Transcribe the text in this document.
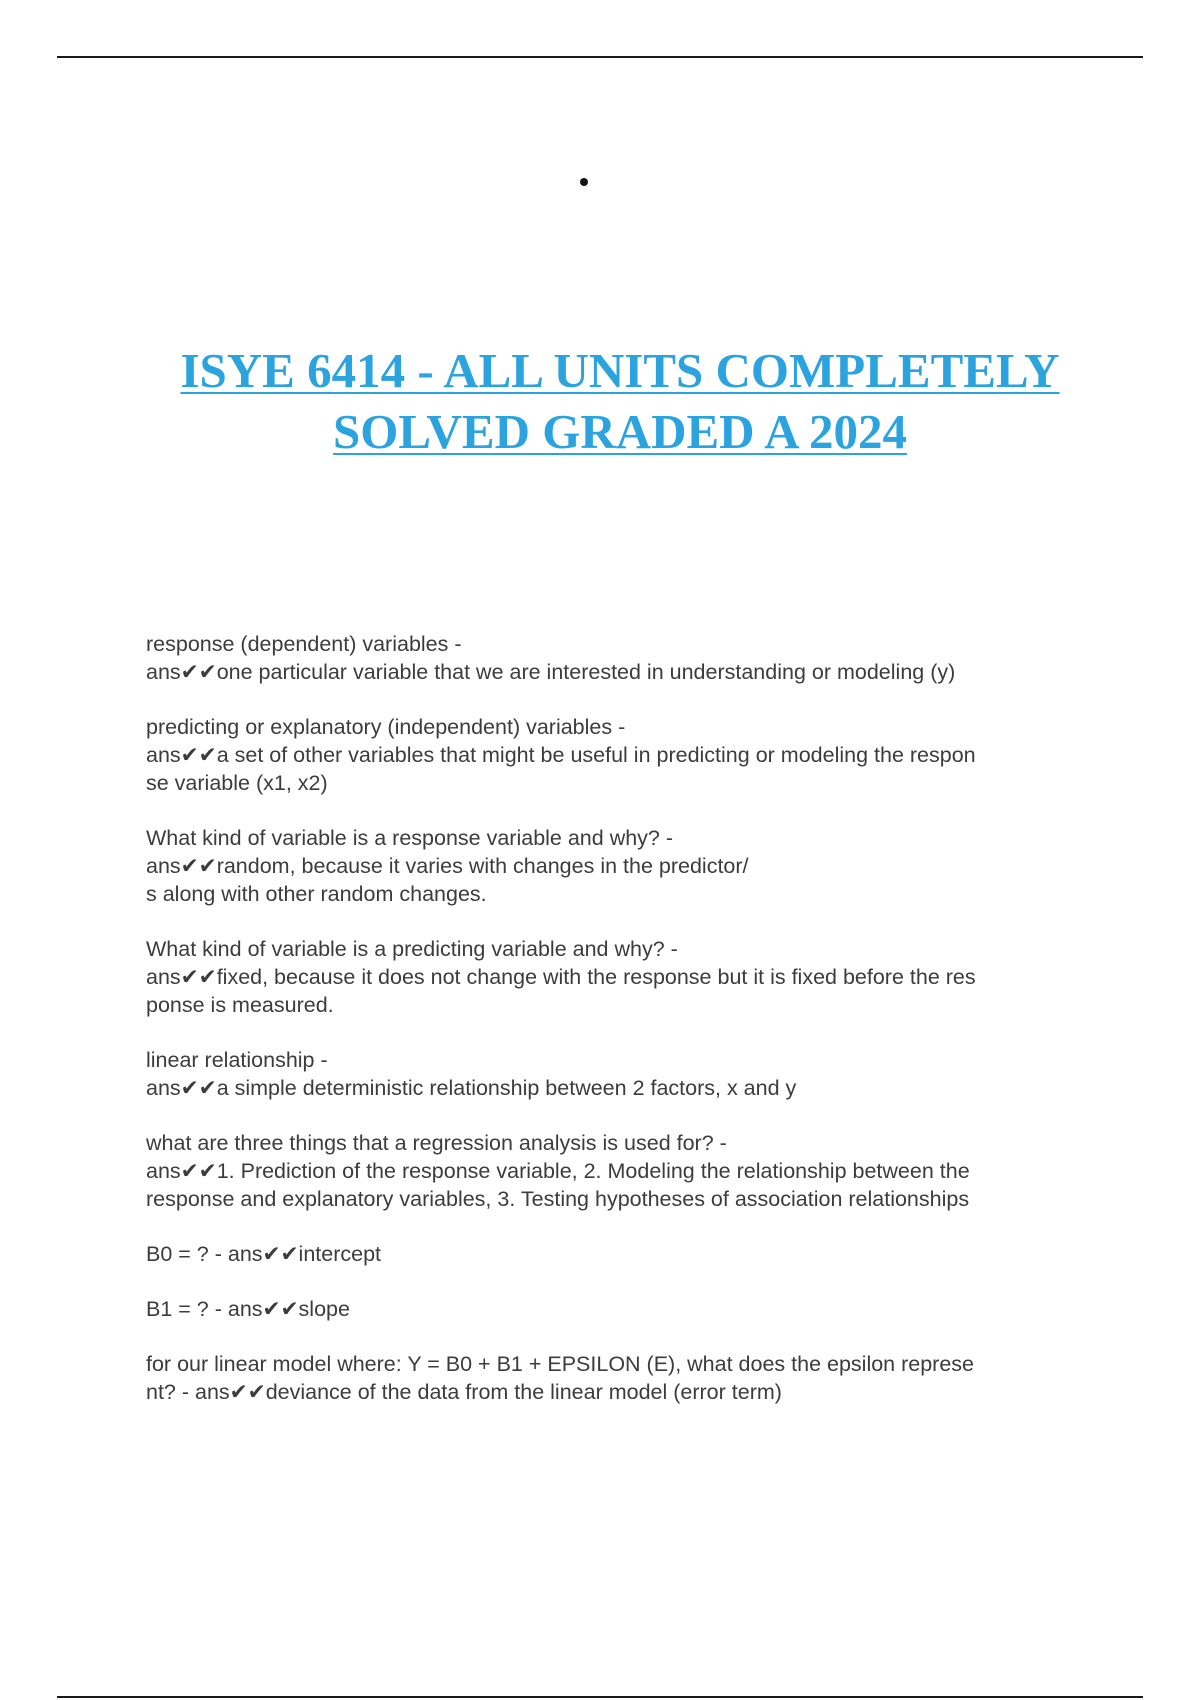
ISYE 6414 - ALL UNITS COMPLETELY
SOLVED GRADED A 2024
response (dependent) variables -
ans✔✔one particular variable that we are interested in understanding or modeling (y)
predicting or explanatory (independent) variables -
ans✔✔a set of other variables that might be useful in predicting or modeling the respon
se variable (x1, x2)
What kind of variable is a response variable and why? -
ans✔✔random, because it varies with changes in the predictor/
s along with other random changes.
What kind of variable is a predicting variable and why? -
ans✔✔fixed, because it does not change with the response but it is fixed before the res
ponse is measured.
linear relationship -
ans✔✔a simple deterministic relationship between 2 factors, x and y
what are three things that a regression analysis is used for? -
ans✔✔1. Prediction of the response variable, 2. Modeling the relationship between the
response and explanatory variables, 3. Testing hypotheses of association relationships
B0 = ? - ans✔✔intercept
B1 = ? - ans✔✔slope
for our linear model where: Y = B0 + B1 + EPSILON (E), what does the epsilon represe
nt? - ans✔✔deviance of the data from the linear model (error term)
